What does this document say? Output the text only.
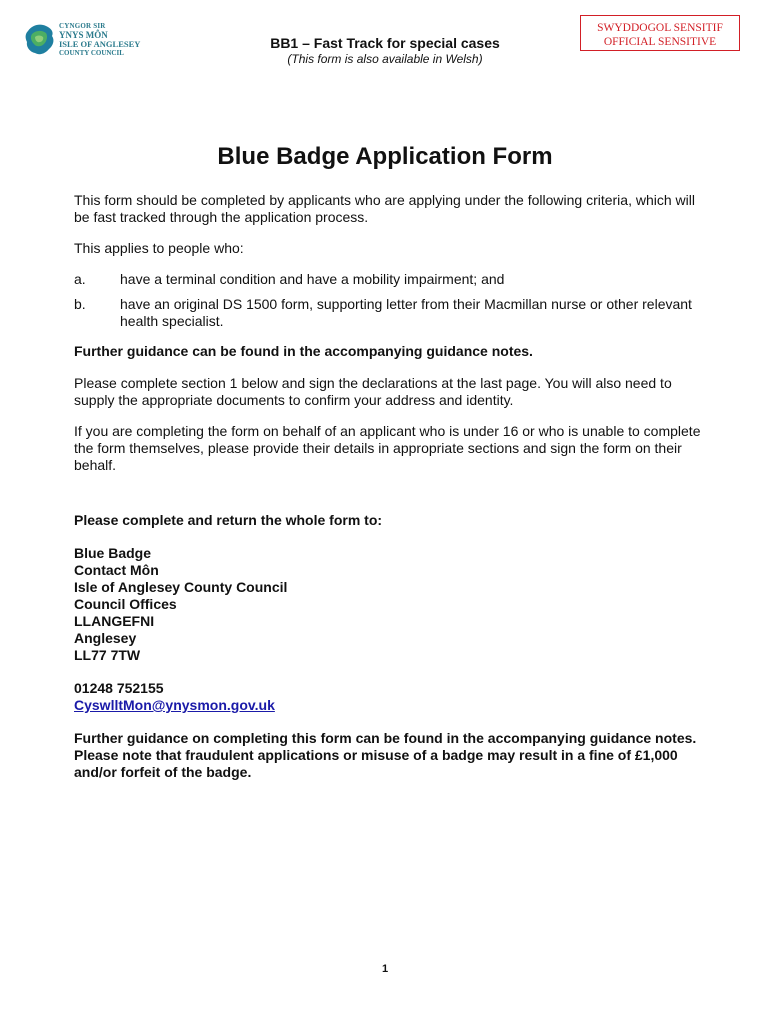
CYNGOR SIR
YNYS MÔN
ISLE OF ANGLESEY
COUNTY COUNCIL
BB1 – Fast Track for special cases
(This form is also available in Welsh)
SWYDDOGOL SENSITIF
OFFICIAL SENSITIVE
Blue Badge Application Form
This form should be completed by applicants who are applying under the following criteria, which will be fast tracked through the application process.
This applies to people who:
a. have a terminal condition and have a mobility impairment; and
b. have an original DS 1500 form, supporting letter from their Macmillan nurse or other relevant health specialist.
Further guidance can be found in the accompanying guidance notes.
Please complete section 1 below and sign the declarations at the last page. You will also need to supply the appropriate documents to confirm your address and identity.
If you are completing the form on behalf of an applicant who is under 16 or who is unable to complete the form themselves, please provide their details in appropriate sections and sign the form on their behalf.
Please complete and return the whole form to:
Blue Badge
Contact Môn
Isle of Anglesey County Council
Council Offices
LLANGEFNI
Anglesey
LL77 7TW
01248 752155
CyswlltMon@ynysmon.gov.uk
Further guidance on completing this form can be found in the accompanying guidance notes. Please note that fraudulent applications or misuse of a badge may result in a fine of £1,000 and/or forfeit of the badge.
1
